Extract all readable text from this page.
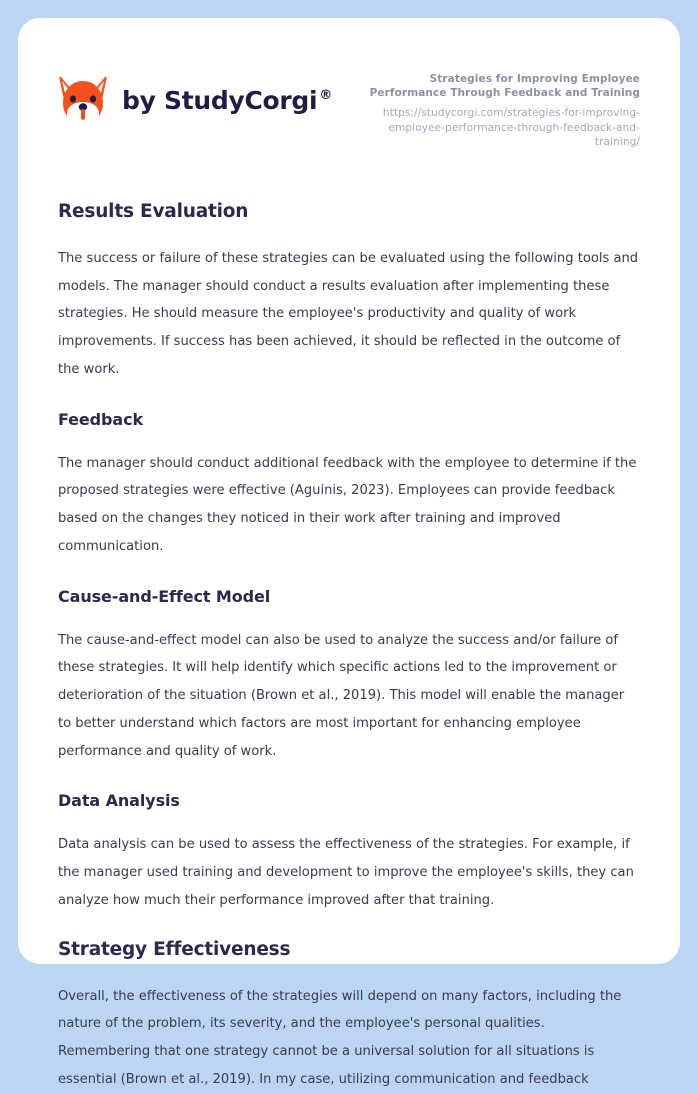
by StudyCorgi ®
Strategies for Improving Employee Performance Through Feedback and Training
https://studycorgi.com/strategies-for-improving-employee-performance-through-feedback-and-training/
Results Evaluation

The success or failure of these strategies can be evaluated using the following tools and models. The manager should conduct a results evaluation after implementing these strategies. He should measure the employee's productivity and quality of work improvements. If success has been achieved, it should be reflected in the outcome of the work.

Feedback

The manager should conduct additional feedback with the employee to determine if the proposed strategies were effective (Aguinis, 2023). Employees can provide feedback based on the changes they noticed in their work after training and improved communication.

Cause-and-Effect Model

The cause-and-effect model can also be used to analyze the success and/or failure of these strategies. It will help identify which specific actions led to the improvement or deterioration of the situation (Brown et al., 2019). This model will enable the manager to better understand which factors are most important for enhancing employee performance and quality of work.

Data Analysis

Data analysis can be used to assess the effectiveness of the strategies. For example, if the manager used training and development to improve the employee's skills, they can analyze how much their performance improved after that training.

Strategy Effectiveness

Overall, the effectiveness of the strategies will depend on many factors, including the nature of the problem, its severity, and the employee's personal qualities. Remembering that one strategy cannot be a universal solution for all situations is essential (Brown et al., 2019). In my case, utilizing communication and feedback
